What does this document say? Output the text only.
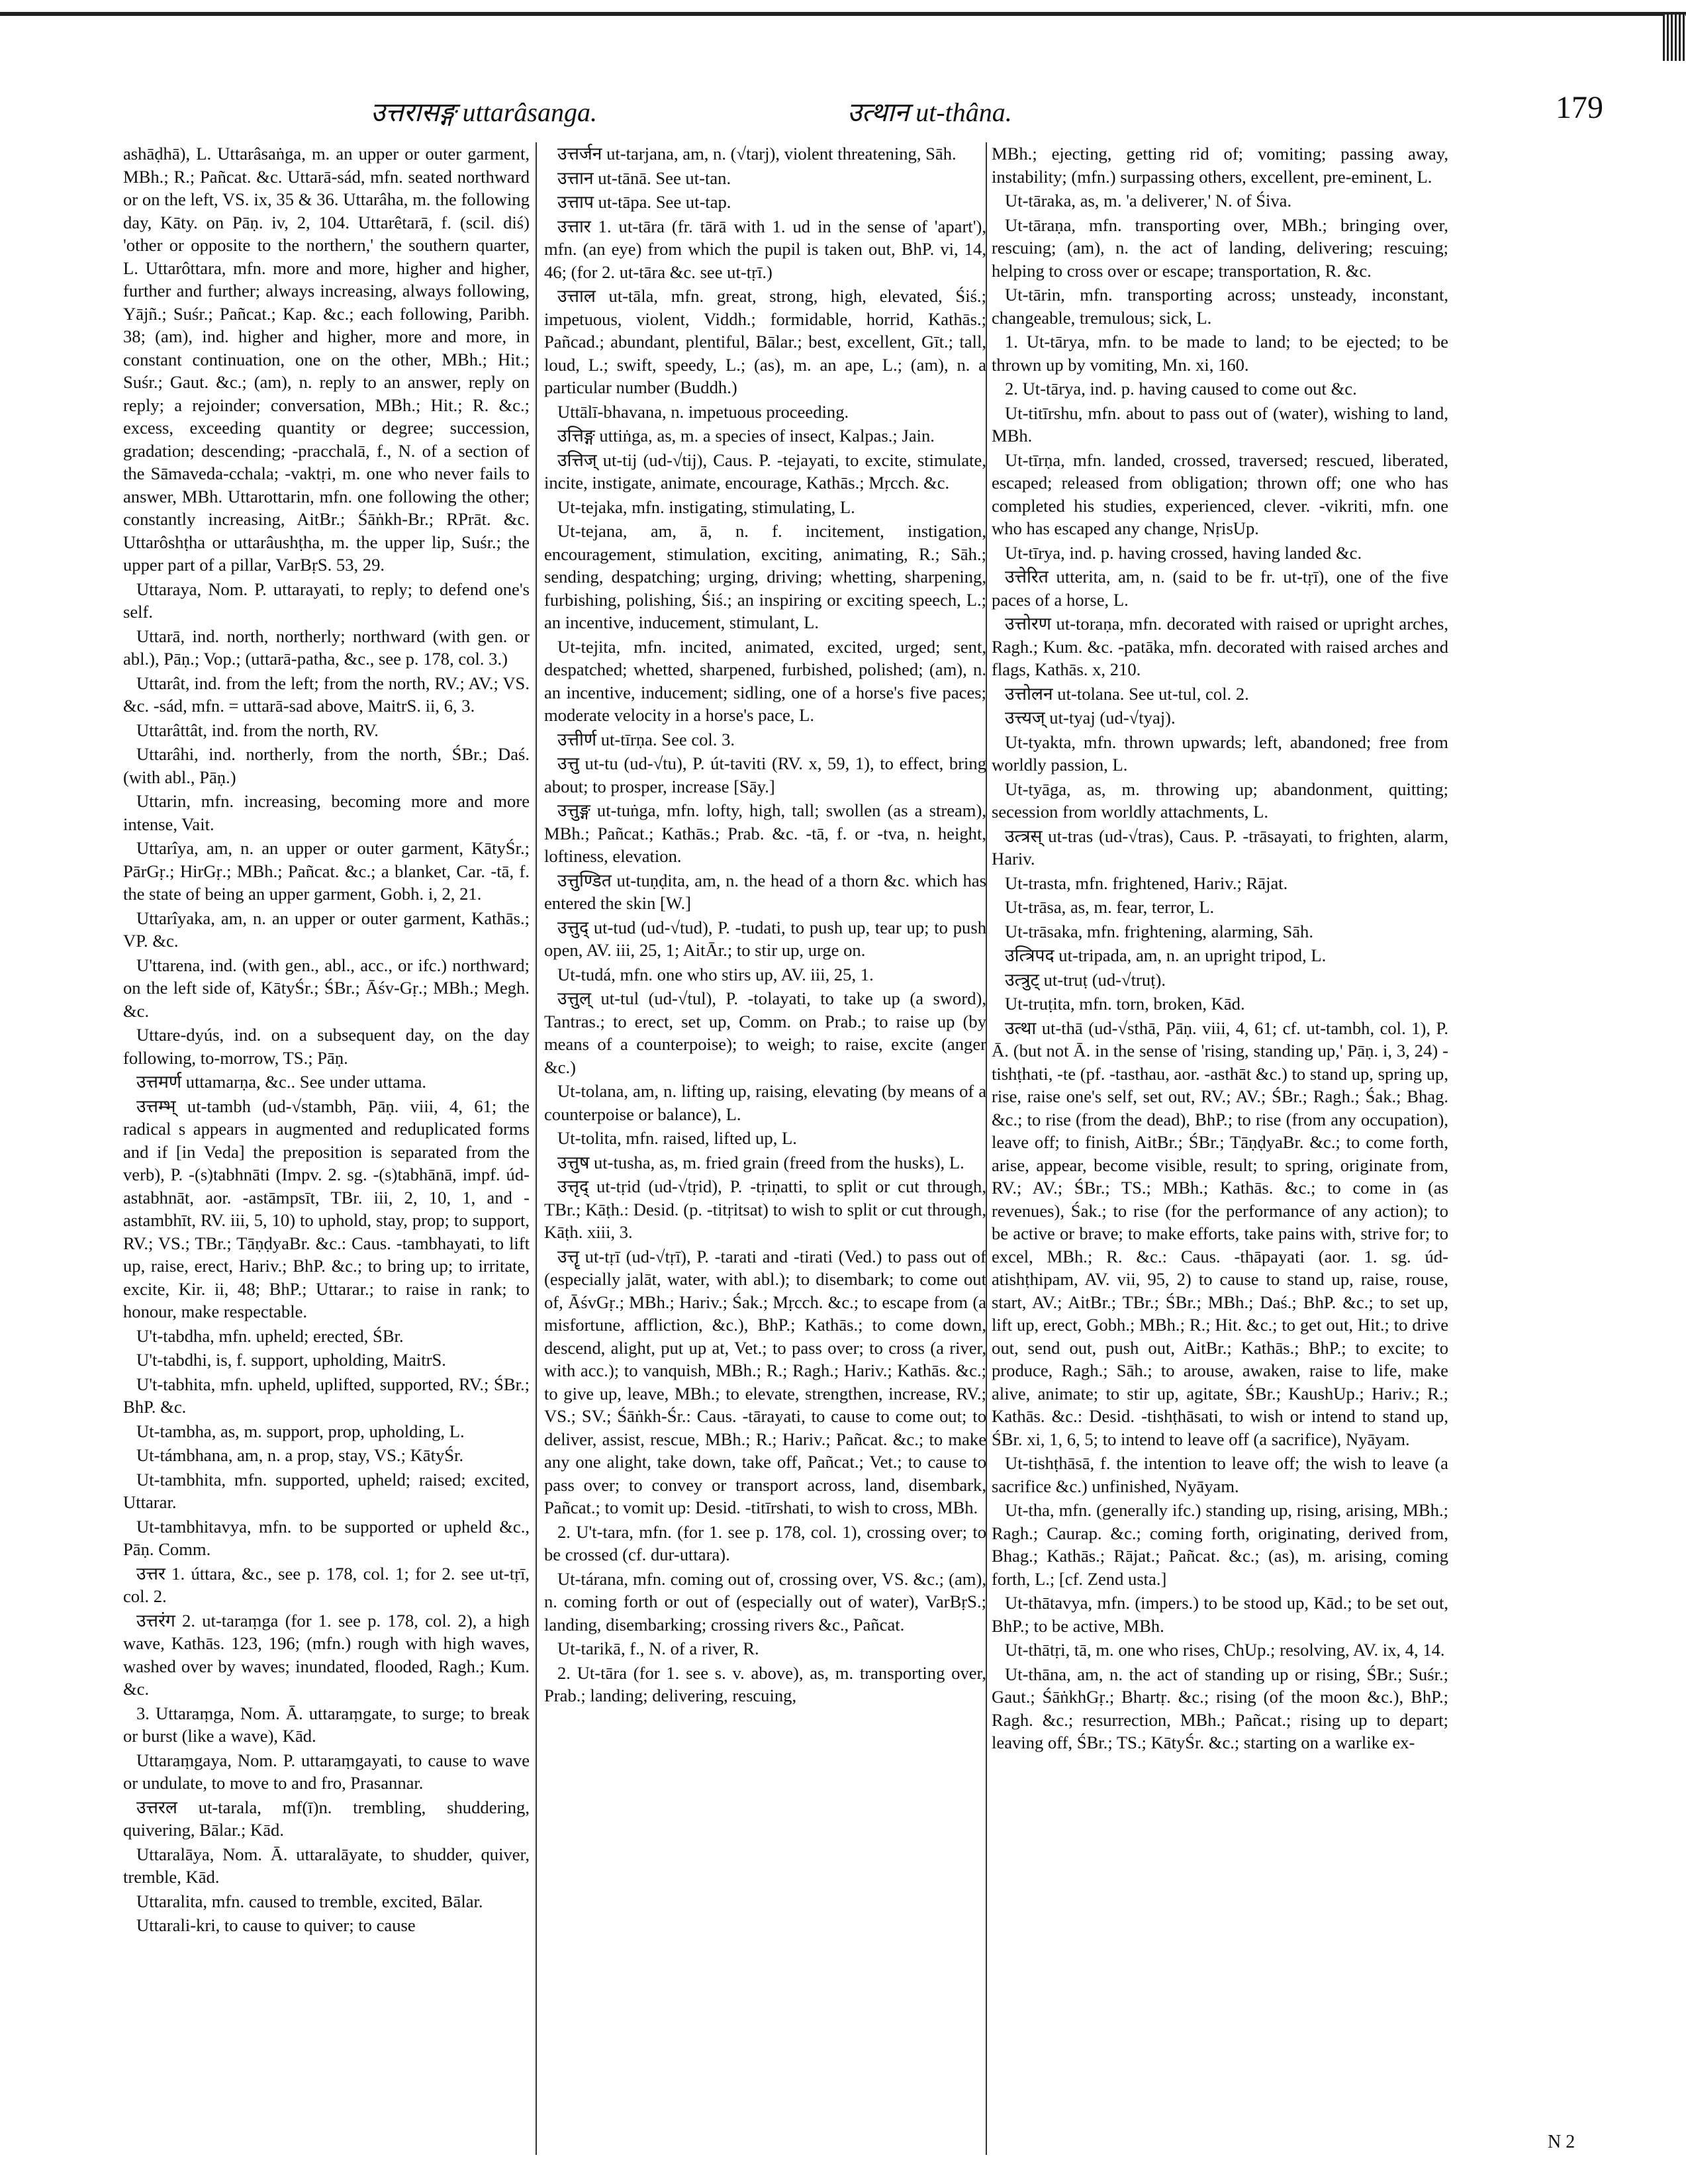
उत्तरासङ्ग uttarâsanga.	उत्थान ut-thâna.	179

ashāḍhā), L. Uttarâsaṅga, m. an upper or outer garment, MBh.; R.; Pañcat. &c. Uttarā-sád, mfn. seated northward or on the left, VS. ix, 35 & 36. Uttarâha, m. the following day, Kāty. on Pāṇ. iv, 2, 104. Uttarêtarā, f. (scil. diś) 'other or opposite to the northern,' the southern quarter, L. Uttarôttara, mfn. more and more, higher and higher, further and further; always increasing, always following, Yājñ.; Suśr.; Pañcat.; Kap. &c.; each following, Paribh. 38; (am), ind. higher and higher, more and more, in constant continuation, one on the other, MBh.; Hit.; Suśr.; Gaut. &c.; (am), n. reply to an answer, reply on reply; a rejoinder; conversation, MBh.; Hit.; R. &c.; excess, exceeding quantity or degree; succession, gradation; descending; -pracchalā, f., N. of a section of the Sāmaveda-cchala; -vaktṛi, m. one who never fails to answer, MBh. Uttarottarin, mfn. one following the other; constantly increasing, AitBr.; Śāṅkh-Br.; RPrāt. &c. Uttarôshṭha or uttarâushṭha, m. the upper lip, Suśr.; the upper part of a pillar, VarBṛS. 53, 29.

Uttaraya, Nom. P. uttarayati, to reply; to defend one's self.

Uttarā, ind. north, northerly; northward (with gen. or abl.), Pāṇ.; Vop.; (uttarā-patha, &c., see p. 178, col. 3.)

Uttarât, ind. from the left; from the north, RV.; AV.; VS. &c. -sád, mfn. = uttarā-sad above, MaitrS. ii, 6, 3.

Uttarâttât, ind. from the north, RV.

Uttarâhi, ind. northerly, from the north, ŚBr.; Daś. (with abl., Pāṇ.)

Uttarin, mfn. increasing, becoming more and more intense, Vait.

Uttarîya, am, n. an upper or outer garment, KātyŚr.; PārGṛ.; HirGṛ.; MBh.; Pañcat. &c.; a blanket, Car. -tā, f. the state of being an upper garment, Gobh. i, 2, 21.

Uttarîyaka, am, n. an upper or outer garment, Kathās.; VP. &c.

U'ttarena, ind. (with gen., abl., acc., or ifc.) northward; on the left side of, KātyŚr.; ŚBr.; Āśv-Gṛ.; MBh.; Megh. &c.

Uttare-dyús, ind. on a subsequent day, on the day following, to-morrow, TS.; Pāṇ.

उत्तमर्ण uttamarṇa, &c.. See under uttama.

उत्तम्भ् ut-tambh (ud-√stambh, Pāṇ. viii, 4, 61; the radical s appears in augmented and reduplicated forms and if [in Veda] the preposition is separated from the verb), P. -(s)tabhnāti (Impv. 2. sg. -(s)tabhānā, impf. úd-astabhnāt, aor. -astāmpsīt, TBr. iii, 2, 10, 1, and -astambhīt, RV. iii, 5, 10) to uphold, stay, prop; to support, RV.; VS.; TBr.; TāṇḍyaBr. &c.: Caus. -tambhayati, to lift up, raise, erect, Hariv.; BhP. &c.; to bring up; to irritate, excite, Kir. ii, 48; BhP.; Uttarar.; to raise in rank; to honour, make respectable.

U't-tabdha, mfn. upheld; erected, ŚBr.

U't-tabdhi, is, f. support, upholding, MaitrS.

U't-tabhita, mfn. upheld, uplifted, supported, RV.; ŚBr.; BhP. &c.

Ut-tambha, as, m. support, prop, upholding, L.

Ut-támbhana, am, n. a prop, stay, VS.; KātyŚr.

Ut-tambhita, mfn. supported, upheld; raised; excited, Uttarar.

Ut-tambhitavya, mfn. to be supported or upheld &c., Pāṇ. Comm.

उत्तर 1. úttara, &c., see p. 178, col. 1; for 2. see ut-tṛī, col. 2.

उत्तरंग 2. ut-taraṃga (for 1. see p. 178, col. 2), a high wave, Kathās. 123, 196; (mfn.) rough with high waves, washed over by waves; inundated, flooded, Ragh.; Kum. &c.

3. Uttaraṃga, Nom. Ā. uttaraṃgate, to surge; to break or burst (like a wave), Kād.

Uttaraṃgaya, Nom. P. uttaraṃgayati, to cause to wave or undulate, to move to and fro, Prasannar.

उत्तरल ut-tarala, mf(ī)n. trembling, shuddering, quivering, Bālar.; Kād.

Uttaralāya, Nom. Ā. uttaralāyate, to shudder, quiver, tremble, Kād.

Uttaralita, mfn. caused to tremble, excited, Bālar.

Uttarali-kri, to cause to quiver; to cause

उत्तर्जन ut-tarjana, am, n. (√tarj), violent threatening, Sāh.

उत्तान ut-tānā. See ut-tan.

उत्ताप ut-tāpa. See ut-tap.

उत्तार 1. ut-tāra (fr. tārā with 1. ud in the sense of 'apart'), mfn. (an eye) from which the pupil is taken out, BhP. vi, 14, 46; (for 2. ut-tāra &c. see ut-tṛī.)

उत्ताल ut-tāla, mfn. great, strong, high, elevated, Śiś.; impetuous, violent, Viddh.; formidable, horrid, Kathās.; Pañcad.; abundant, plentiful, Bālar.; best, excellent, Gīt.; tall, loud, L.; swift, speedy, L.; (as), m. an ape, L.; (am), n. a particular number (Buddh.)

Uttālī-bhavana, n. impetuous proceeding.

उत्तिङ्ग uttiṅga, as, m. a species of insect, Kalpas.; Jain.

उत्तिज् ut-tij (ud-√tij), Caus. P. -tejayati, to excite, stimulate, incite, instigate, animate, encourage, Kathās.; Mṛcch. &c.

Ut-tejaka, mfn. instigating, stimulating, L.

Ut-tejana, am, ā, n. f. incitement, instigation, encouragement, stimulation, exciting, animating, R.; Sāh.; sending, despatching; urging, driving; whetting, sharpening, furbishing, polishing, Śiś.; an inspiring or exciting speech, L.; an incentive, inducement, stimulant, L.

Ut-tejita, mfn. incited, animated, excited, urged; sent, despatched; whetted, sharpened, furbished, polished; (am), n. an incentive, inducement; sidling, one of a horse's five paces; moderate velocity in a horse's pace, L.

उत्तीर्ण ut-tīrṇa. See col. 3.

उत्तु ut-tu (ud-√tu), P. út-taviti (RV. x, 59, 1), to effect, bring about; to prosper, increase [Sāy.]

उत्तुङ्ग ut-tuṅga, mfn. lofty, high, tall; swollen (as a stream), MBh.; Pañcat.; Kathās.; Prab. &c. -tā, f. or -tva, n. height, loftiness, elevation.

उत्तुण्डित ut-tuṇḍita, am, n. the head of a thorn &c. which has entered the skin [W.]

उत्तुद् ut-tud (ud-√tud), P. -tudati, to push up, tear up; to push open, AV. iii, 25, 1; AitĀr.; to stir up, urge on.

Ut-tudá, mfn. one who stirs up, AV. iii, 25, 1.

उत्तुल् ut-tul (ud-√tul), P. -tolayati, to take up (a sword), Tantras.; to erect, set up, Comm. on Prab.; to raise up (by means of a counterpoise); to weigh; to raise, excite (anger &c.)

Ut-tolana, am, n. lifting up, raising, elevating (by means of a counterpoise or balance), L.

Ut-tolita, mfn. raised, lifted up, L.

उत्तुष ut-tusha, as, m. fried grain (freed from the husks), L.

उत्तृद् ut-tṛid (ud-√tṛid), P. -tṛiṇatti, to split or cut through, TBr.; Kāṭh.: Desid. (p. -titṛitsat) to wish to split or cut through, Kāṭh. xiii, 3.

उत्तॄ ut-tṛī (ud-√tṛī), P. -tarati and -tirati (Ved.) to pass out of (especially jalāt, water, with abl.); to disembark; to come out of, ĀśvGṛ.; MBh.; Hariv.; Śak.; Mṛcch. &c.; to escape from (a misfortune, affliction, &c.), BhP.; Kathās.; to come down, descend, alight, put up at, Vet.; to pass over; to cross (a river, with acc.); to vanquish, MBh.; R.; Ragh.; Hariv.; Kathās. &c.; to give up, leave, MBh.; to elevate, strengthen, increase, RV.; VS.; SV.; Śāṅkh-Śr.: Caus. -tārayati, to cause to come out; to deliver, assist, rescue, MBh.; R.; Hariv.; Pañcat. &c.; to make any one alight, take down, take off, Pañcat.; Vet.; to cause to pass over; to convey or transport across, land, disembark, Pañcat.; to vomit up: Desid. -titīrshati, to wish to cross, MBh.

2. U't-tara, mfn. (for 1. see p. 178, col. 1), crossing over; to be crossed (cf. dur-uttara).

Ut-tárana, mfn. coming out of, crossing over, VS. &c.; (am), n. coming forth or out of (especially out of water), VarBṛS.; landing, disembarking; crossing rivers &c., Pañcat.

Ut-tarikā, f., N. of a river, R.

2. Ut-tāra (for 1. see s. v. above), as, m. transporting over, Prab.; landing; delivering, rescuing,

MBh.; ejecting, getting rid of; vomiting; passing away, instability; (mfn.) surpassing others, excellent, pre-eminent, L.

Ut-tāraka, as, m. 'a deliverer,' N. of Śiva.

Ut-tāraṇa, mfn. transporting over, MBh.; bringing over, rescuing; (am), n. the act of landing, delivering; rescuing; helping to cross over or escape; transportation, R. &c.

Ut-tārin, mfn. transporting across; unsteady, inconstant, changeable, tremulous; sick, L.

1. Ut-tārya, mfn. to be made to land; to be ejected; to be thrown up by vomiting, Mn. xi, 160.

2. Ut-tārya, ind. p. having caused to come out &c.

Ut-titīrshu, mfn. about to pass out of (water), wishing to land, MBh.

Ut-tīrṇa, mfn. landed, crossed, traversed; rescued, liberated, escaped; released from obligation; thrown off; one who has completed his studies, experienced, clever. -vikriti, mfn. one who has escaped any change, NṛisUp.

Ut-tīrya, ind. p. having crossed, having landed &c.

उत्तेरित utterita, am, n. (said to be fr. ut-tṛī), one of the five paces of a horse, L.

उत्तोरण ut-toraṇa, mfn. decorated with raised or upright arches, Ragh.; Kum. &c. -patāka, mfn. decorated with raised arches and flags, Kathās. x, 210.

उत्तोलन ut-tolana. See ut-tul, col. 2.

उत्त्यज् ut-tyaj (ud-√tyaj).

Ut-tyakta, mfn. thrown upwards; left, abandoned; free from worldly passion, L.

Ut-tyāga, as, m. throwing up; abandonment, quitting; secession from worldly attachments, L.

उत्त्रस् ut-tras (ud-√tras), Caus. P. -trāsayati, to frighten, alarm, Hariv.

Ut-trasta, mfn. frightened, Hariv.; Rājat.

Ut-trāsa, as, m. fear, terror, L.

Ut-trāsaka, mfn. frightening, alarming, Sāh.

उत्त्रिपद ut-tripada, am, n. an upright tripod, L.

उत्त्रुट् ut-truṭ (ud-√truṭ).

Ut-truṭita, mfn. torn, broken, Kād.

उत्था ut-thā (ud-√sthā, Pāṇ. viii, 4, 61; cf. ut-tambh, col. 1), P. Ā. (but not Ā. in the sense of 'rising, standing up,' Pāṇ. i, 3, 24) -tishṭhati, -te (pf. -tasthau, aor. -asthāt &c.) to stand up, spring up, rise, raise one's self, set out, RV.; AV.; ŚBr.; Ragh.; Śak.; Bhag. &c.; to rise (from the dead), BhP.; to rise (from any occupation), leave off; to finish, AitBr.; ŚBr.; TāṇḍyaBr. &c.; to come forth, arise, appear, become visible, result; to spring, originate from, RV.; AV.; ŚBr.; TS.; MBh.; Kathās. &c.; to come in (as revenues), Śak.; to rise (for the performance of any action); to be active or brave; to make efforts, take pains with, strive for; to excel, MBh.; R. &c.: Caus. -thāpayati (aor. 1. sg. úd-atishṭhipam, AV. vii, 95, 2) to cause to stand up, raise, rouse, start, AV.; AitBr.; TBr.; ŚBr.; MBh.; Daś.; BhP. &c.; to set up, lift up, erect, Gobh.; MBh.; R.; Hit. &c.; to get out, Hit.; to drive out, send out, push out, AitBr.; Kathās.; BhP.; to excite; to produce, Ragh.; Sāh.; to arouse, awaken, raise to life, make alive, animate; to stir up, agitate, ŚBr.; KaushUp.; Hariv.; R.; Kathās. &c.: Desid. -tishṭhāsati, to wish or intend to stand up, ŚBr. xi, 1, 6, 5; to intend to leave off (a sacrifice), Nyāyam.

Ut-tishṭhāsā, f. the intention to leave off; the wish to leave (a sacrifice &c.) unfinished, Nyāyam.

Ut-tha, mfn. (generally ifc.) standing up, rising, arising, MBh.; Ragh.; Caurap. &c.; coming forth, originating, derived from, Bhag.; Kathās.; Rājat.; Pañcat. &c.; (as), m. arising, coming forth, L.; [cf. Zend usta.]

Ut-thātavya, mfn. (impers.) to be stood up, Kād.; to be set out, BhP.; to be active, MBh.

Ut-thātṛi, tā, m. one who rises, ChUp.; resolving, AV. ix, 4, 14.

Ut-thāna, am, n. the act of standing up or rising, ŚBr.; Suśr.; Gaut.; ŚāṅkhGṛ.; Bhartṛ. &c.; rising (of the moon &c.), BhP.; Ragh. &c.; resurrection, MBh.; Pañcat.; rising up to depart; leaving off, ŚBr.; TS.; KātyŚr. &c.; starting on a warlike ex-

N 2
